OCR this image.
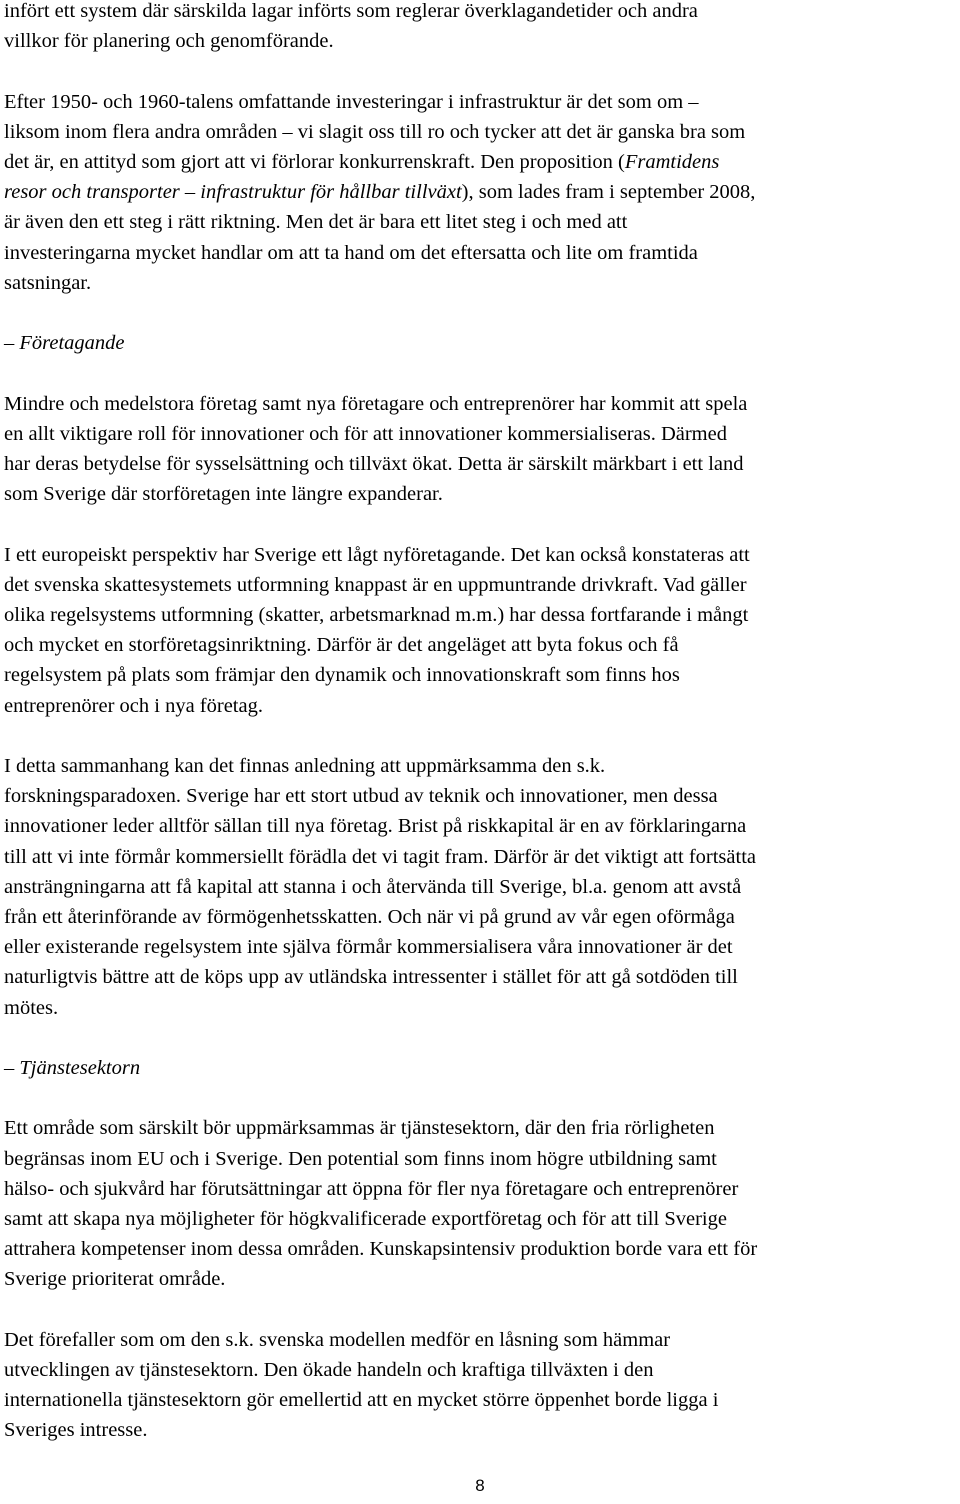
infört ett system där särskilda lagar införts som reglerar överklagandetider och andra
villkor för planering och genomförande.
Efter 1950- och 1960-talens omfattande investeringar i infrastruktur är det som om –
liksom inom flera andra områden – vi slagit oss till ro och tycker att det är ganska bra som
det är, en attityd som gjort att vi förlorar konkurrenskraft. Den proposition (Framtidens
resor och transporter – infrastruktur för hållbar tillväxt), som lades fram i september 2008,
är även den ett steg i rätt riktning. Men det är bara ett litet steg i och med att
investeringarna mycket handlar om att ta hand om det eftersatta och lite om framtida
satsningar.
– Företagande
Mindre och medelstora företag samt nya företagare och entreprenörer har kommit att spela
en allt viktigare roll för innovationer och för att innovationer kommersialiseras. Därmed
har deras betydelse för sysselsättning och tillväxt ökat. Detta är särskilt märkbart i ett land
som Sverige där storföretagen inte längre expanderar.
I ett europeiskt perspektiv har Sverige ett lågt nyföretagande. Det kan också konstateras att
det svenska skattesystemets utformning knappast är en uppmuntrande drivkraft. Vad gäller
olika regelsystems utformning (skatter, arbetsmarknad m.m.) har dessa fortfarande i mångt
och mycket en storföretagsinriktning. Därför är det angeläget att byta fokus och få
regelsystem på plats som främjar den dynamik och innovationskraft som finns hos
entreprenörer och i nya företag.
I detta sammanhang kan det finnas anledning att uppmärksamma den s.k.
forskningsparadoxen. Sverige har ett stort utbud av teknik och innovationer, men dessa
innovationer leder alltför sällan till nya företag. Brist på riskkapital är en av förklaringarna
till att vi inte förmår kommersiellt förädla det vi tagit fram. Därför är det viktigt att fortsätta
ansträngningarna att få kapital att stanna i och återvända till Sverige, bl.a. genom att avstå
från ett återinförande av förmögenhetsskatten. Och när vi på grund av vår egen oförmåga
eller existerande regelsystem inte själva förmår kommersialisera våra innovationer är det
naturligtvis bättre att de köps upp av utländska intressenter i stället för att gå sotdöden till
mötes.
– Tjänstesektorn
Ett område som särskilt bör uppmärksammas är tjänstesektorn, där den fria rörligheten
begränsas inom EU och i Sverige. Den potential som finns inom högre utbildning samt
hälso- och sjukvård har förutsättningar att öppna för fler nya företagare och entreprenörer
samt att skapa nya möjligheter för högkvalificerade exportföretag och för att till Sverige
attrahera kompetenser inom dessa områden. Kunskapsintensiv produktion borde vara ett för
Sverige prioriterat område.
Det förefaller som om den s.k. svenska modellen medför en låsning som hämmar
utvecklingen av tjänstesektorn. Den ökade handeln och kraftiga tillväxten i den
internationella tjänstesektorn gör emellertid att en mycket större öppenhet borde ligga i
Sveriges intresse.
8
